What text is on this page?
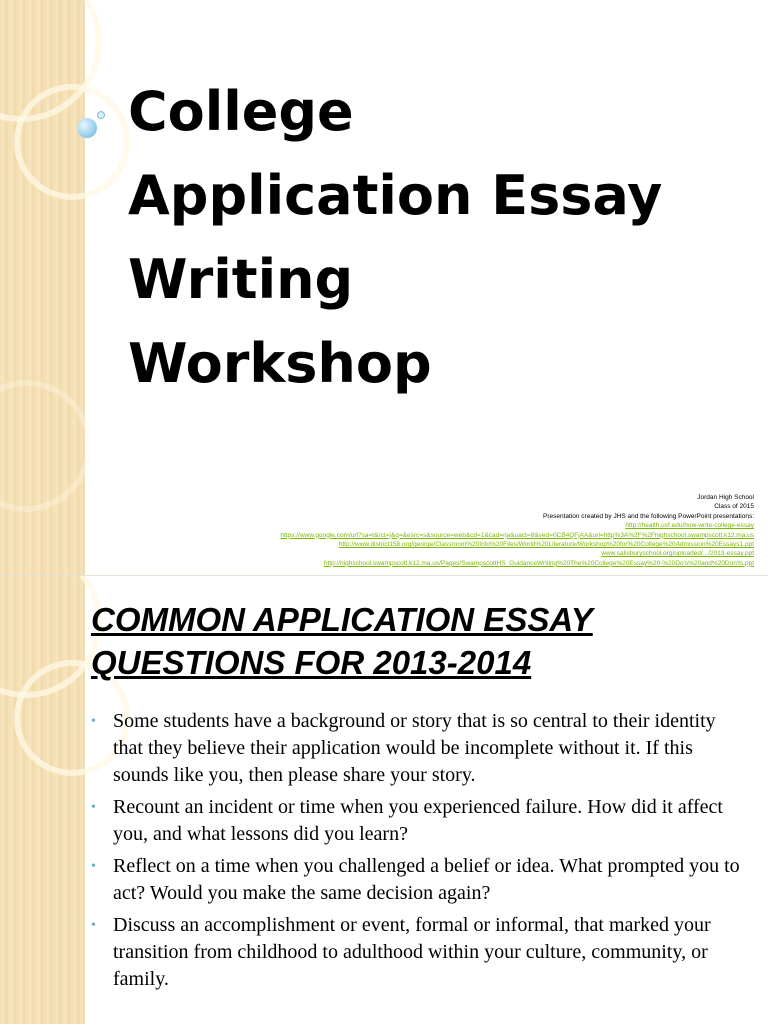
College
Application Essay
Writing
Workshop
Jordan High School
Class of 2015
Presentation created by JHS and the following PowerPoint presentations:
http://health.usf.edu/how-write-college-essay
https://www.google.com/url?sa=t&rct=j&q=&esrc=s&source=web&cd=1&cad=rja&uact=8&ved=0CB4QFjAA&url=http%3A%2F%2Fhighschool.swampscott.k12.ma.us
http://www.district158.org/george/Classroom%20Info%20Files/World%20Literature/Workshop%20for%20College%20Admission%20Essays1.ppt
www.salisburyschool.org/uploaded/.../2013-essay.ppt
http://highschool.swampscott.k12.ma.us/Pages/SwampscottHS_GuidanceWriting%20The%20College%20Essay%20-%20Do's%20and%20Don'ts.ppt
COMMON APPLICATION ESSAY
QUESTIONS FOR 2013-2014
• Some students have a background or story that is so central to their identity that they believe their application would be incomplete without it. If this sounds like you, then please share your story.
• Recount an incident or time when you experienced failure. How did it affect you, and what lessons did you learn?
• Reflect on a time when you challenged a belief or idea. What prompted you to act? Would you make the same decision again?
• Discuss an accomplishment or event, formal or informal, that marked your transition from childhood to adulthood within your culture, community, or family.
